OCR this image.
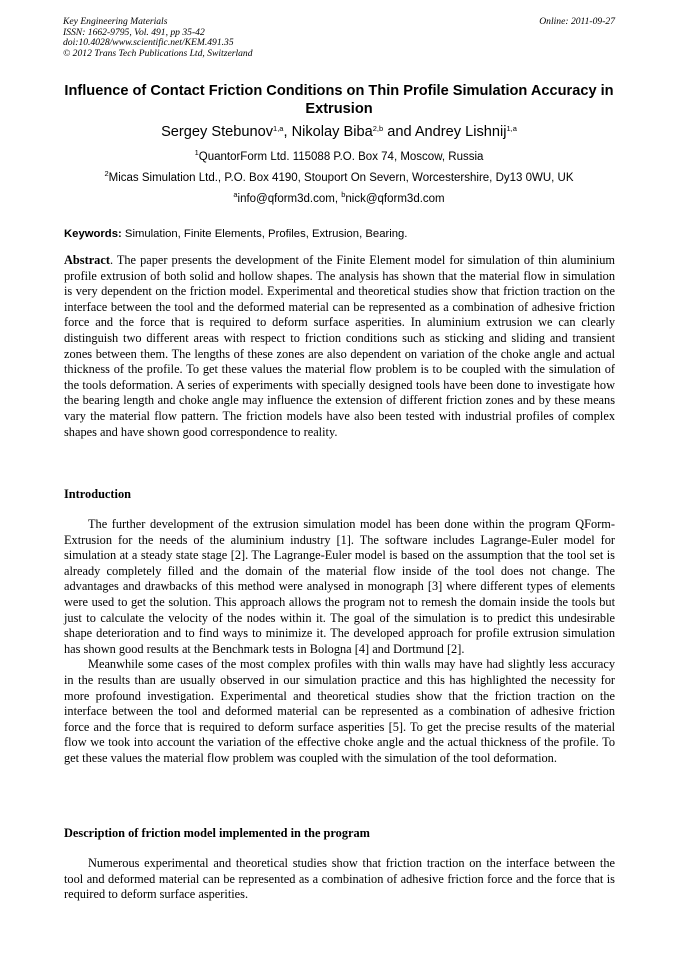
Key Engineering Materials
ISSN: 1662-9795, Vol. 491, pp 35-42
doi:10.4028/www.scientific.net/KEM.491.35
© 2012 Trans Tech Publications Ltd, Switzerland
Online: 2011-09-27
Influence of Contact Friction Conditions on Thin Profile Simulation Accuracy in Extrusion
Sergey Stebunov$^{1,a}$, Nikolay Biba$^{2,b}$ and Andrey Lishnij$^{1,a}$
$^1$QuantorForm Ltd. 115088 P.O. Box 74, Moscow, Russia
$^2$Micas Simulation Ltd., P.O. Box 4190, Stouport On Severn, Worcestershire, Dy13 0WU, UK
$^a$info@qform3d.com, $^b$nick@qform3d.com
Keywords: Simulation, Finite Elements, Profiles, Extrusion, Bearing.

Abstract. The paper presents the development of the Finite Element model for simulation of thin aluminium profile extrusion of both solid and hollow shapes. The analysis has shown that the material flow in simulation is very dependent on the friction model. Experimental and theoretical studies show that friction traction on the interface between the tool and the deformed material can be represented as a combination of adhesive friction force and the force that is required to deform surface asperities. In aluminium extrusion we can clearly distinguish two different areas with respect to friction conditions such as sticking and sliding and transient zones between them. The lengths of these zones are also dependent on variation of the choke angle and actual thickness of the profile. To get these values the material flow problem is to be coupled with the simulation of the tools deformation. A series of experiments with specially designed tools have been done to investigate how the bearing length and choke angle may influence the extension of different friction zones and by these means vary the material flow pattern. The friction models have also been tested with industrial profiles of complex shapes and have shown good correspondence to reality.

Introduction

The further development of the extrusion simulation model has been done within the program QForm-Extrusion for the needs of the aluminium industry [1]. The software includes Lagrange-Euler model for simulation at a steady state stage [2]. The Lagrange-Euler model is based on the assumption that the tool set is already completely filled and the domain of the material flow inside of the tool does not change. The advantages and drawbacks of this method were analysed in monograph [3] where different types of elements were used to get the solution. This approach allows the program not to remesh the domain inside the tools but just to calculate the velocity of the nodes within it. The goal of the simulation is to predict this undesirable shape deterioration and to find ways to minimize it. The developed approach for profile extrusion simulation has shown good results at the Benchmark tests in Bologna [4] and Dortmund [2].

Meanwhile some cases of the most complex profiles with thin walls may have had slightly less accuracy in the results than are usually observed in our simulation practice and this has highlighted the necessity for more profound investigation. Experimental and theoretical studies show that the friction traction on the interface between the tool and deformed material can be represented as a combination of adhesive friction force and the force that is required to deform surface asperities [5]. To get the precise results of the material flow we took into account the variation of the effective choke angle and the actual thickness of the profile. To get these values the material flow problem was coupled with the simulation of the tool deformation.

Description of friction model implemented in the program

Numerous experimental and theoretical studies show that friction traction on the interface between the tool and deformed material can be represented as a combination of adhesive friction force and the force that is required to deform surface asperities.
